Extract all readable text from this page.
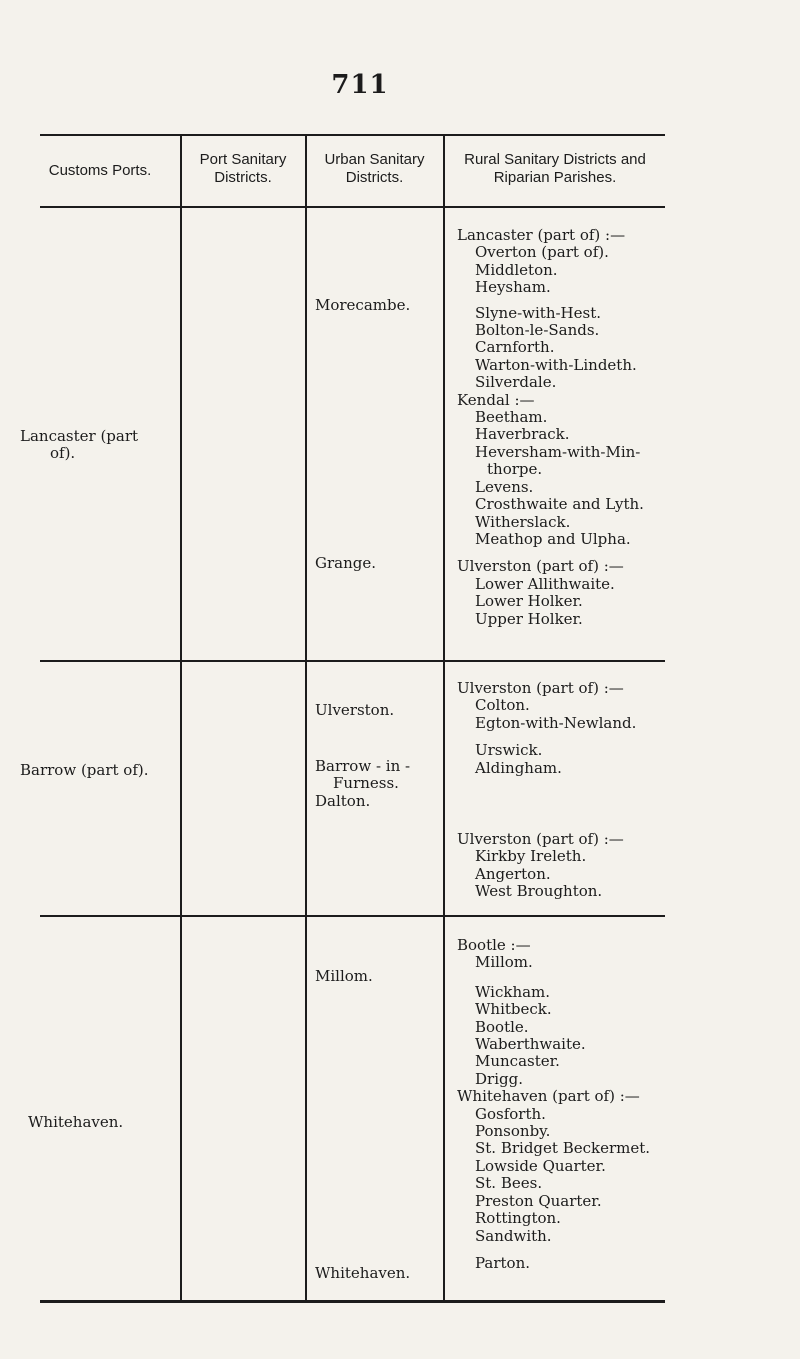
711
Customs Ports.
Port Sanitary
Districts.
Urban Sanitary
Districts.
Rural Sanitary Districts and
Riparian Parishes.
Lancaster (part
of).
Morecambe.
Grange.
Lancaster (part of) :—
Overton (part of).
Middleton.
Heysham.
Slyne-with-Hest.
Bolton-le-Sands.
Carnforth.
Warton-with-Lindeth.
Silverdale.
Kendal :—
Beetham.
Haverbrack.
Heversham-with-Min-
thorpe.
Levens.
Crosthwaite and Lyth.
Witherslack.
Meathop and Ulpha.
Ulverston (part of) :—
Lower Allithwaite.
Lower Holker.
Upper Holker.
Barrow (part of).
Ulverston.
Barrow - in -
Furness.
Dalton.
Ulverston (part of) :—
Colton.
Egton-with-Newland.
Urswick.
Aldingham.
Ulverston (part of) :—
Kirkby Ireleth.
Angerton.
West Broughton.
Whitehaven.
Millom.
Whitehaven.
Bootle :—
Millom.
Wickham.
Whitbeck.
Bootle.
Waberthwaite.
Muncaster.
Drigg.
Whitehaven (part of) :—
Gosforth.
Ponsonby.
St. Bridget Beckermet.
Lowside Quarter.
St. Bees.
Preston Quarter.
Rottington.
Sandwith.
Parton.
